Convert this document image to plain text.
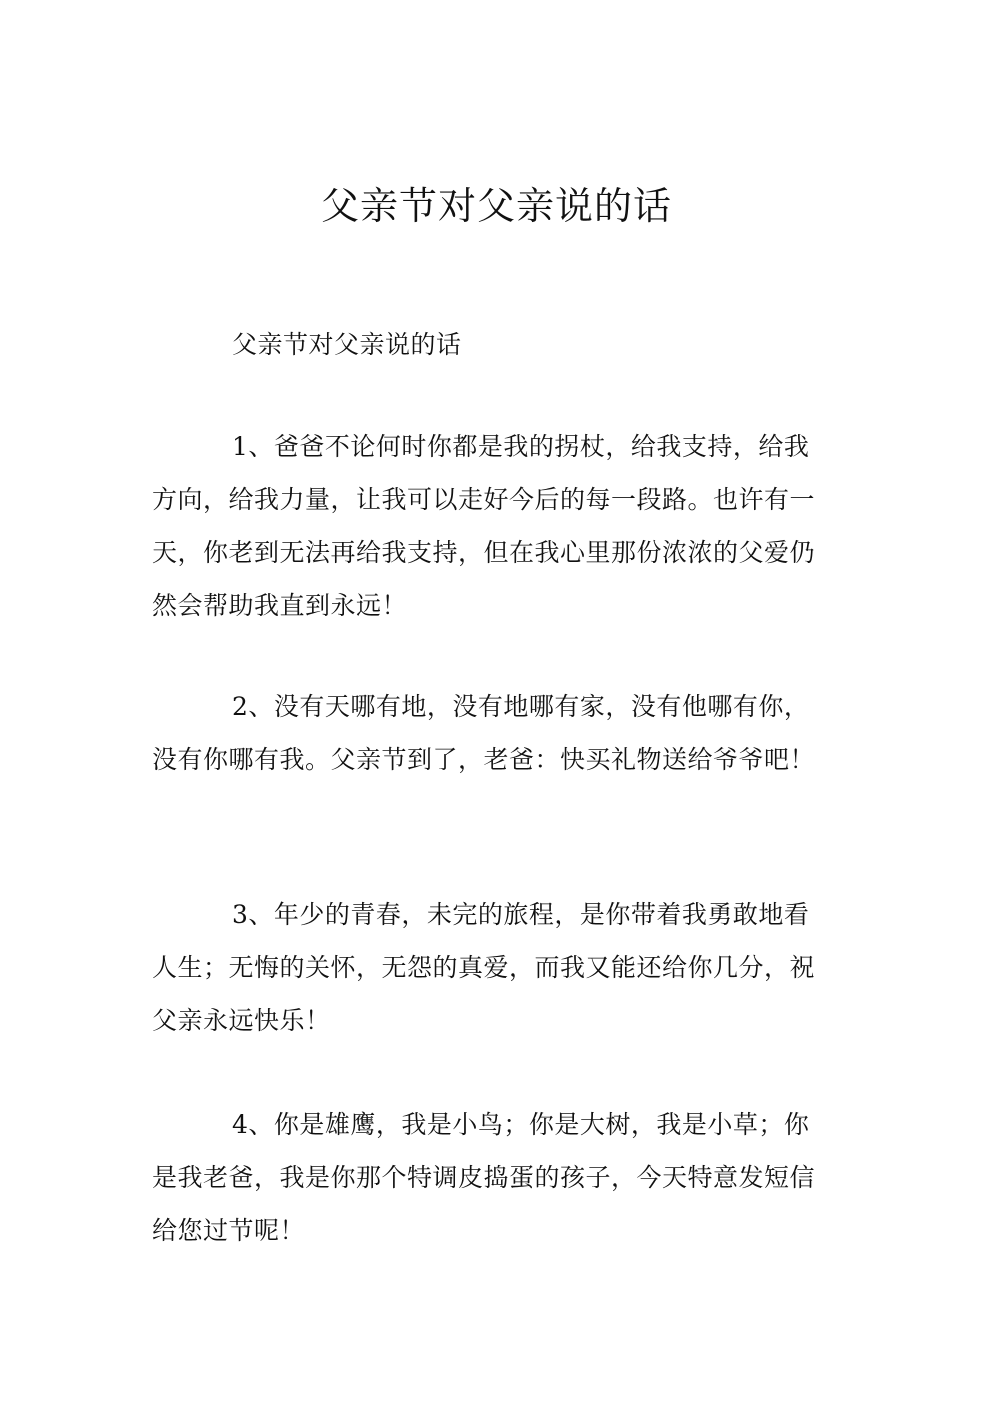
父亲节对父亲说的话

父亲节对父亲说的话

1、爸爸不论何时你都是我的拐杖，给我支持，给我方向，给我力量，让我可以走好今后的每一段路。也许有一天，你老到无法再给我支持，但在我心里那份浓浓的父爱仍然会帮助我直到永远！

2、没有天哪有地，没有地哪有家，没有他哪有你，没有你哪有我。父亲节到了，老爸：快买礼物送给爷爷吧！

3、年少的青春，未完的旅程，是你带着我勇敢地看人生；无悔的关怀，无怨的真爱，而我又能还给你几分，祝父亲永远快乐！

4、你是雄鹰，我是小鸟；你是大树，我是小草；你是我老爸，我是你那个特调皮捣蛋的孩子，今天特意发短信给您过节呢！
